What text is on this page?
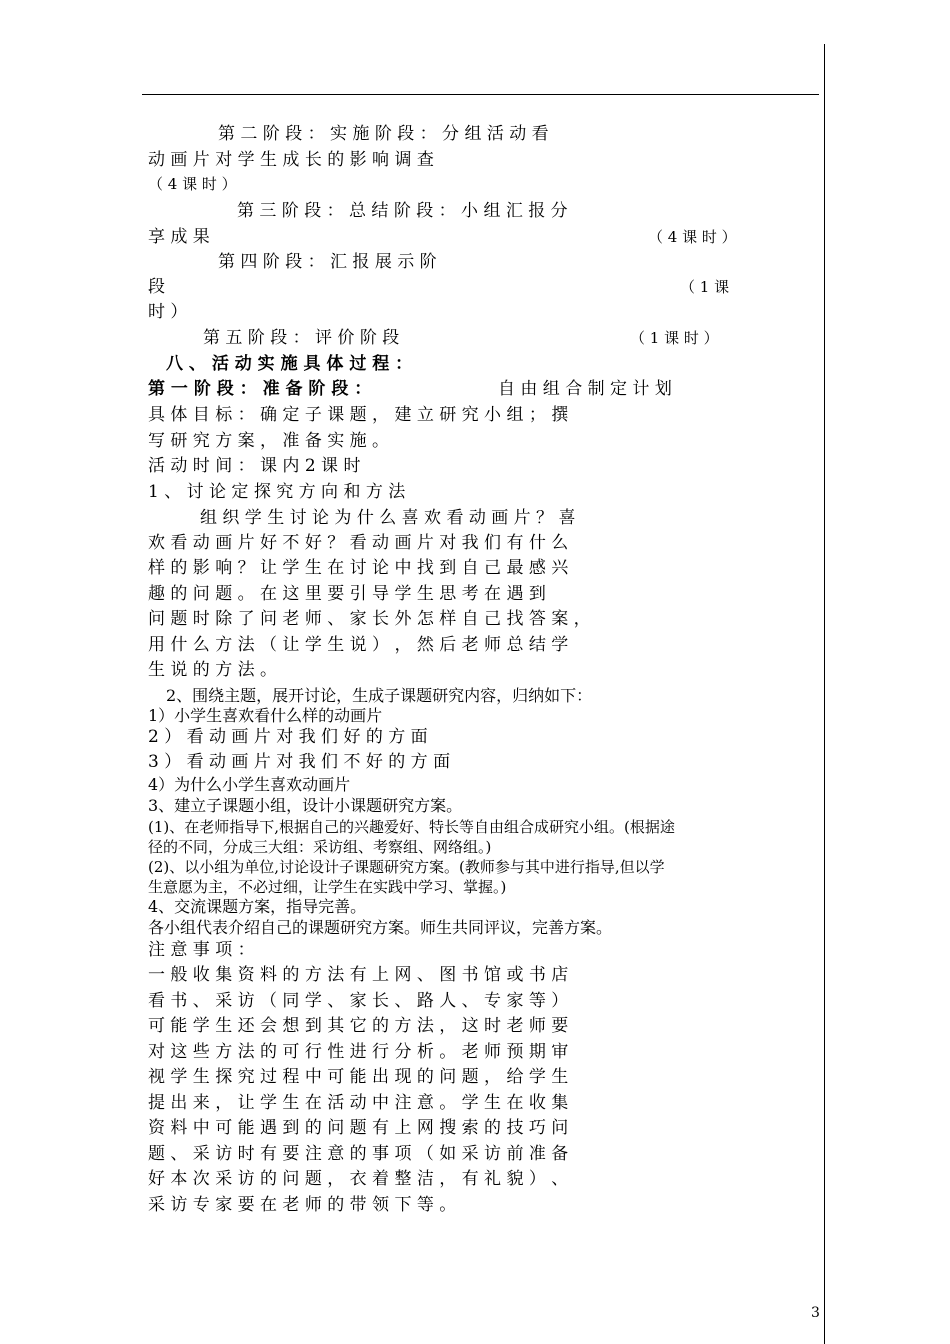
第 二 阶 段 ： 实 施 阶 段 ： 分 组 活 动 看
动 画 片 对 学 生 成 长 的 影 响 调 查
（ 4 课 时 ）
第 三 阶 段 ： 总 结 阶 段 ： 小 组 汇 报 分
享 成 果	（ 4 课 时 ）
第 四 阶 段 ： 汇 报 展 示 阶
段	（ 1 课
时 ）
第 五 阶 段 ： 评 价 阶 段	（ 1 课 时 ）
八 、 活 动 实 施 具 体 过 程 ：
第 一 阶 段 ： 准 备 阶 段 ：	自 由 组 合 制 定 计 划
具 体 目 标 ： 确 定 子 课 题 ， 建 立 研 究 小 组 ； 撰
写 研 究 方 案 ， 准 备 实 施 。
活 动 时 间 ： 课 内 2 课 时
1 、 讨 论 定 探 究 方 向 和 方 法
组 织 学 生 讨 论 为 什 么 喜 欢 看 动 画 片 ？ 喜
欢 看 动 画 片 好 不 好 ？ 看 动 画 片 对 我 们 有 什 么
样 的 影 响 ？ 让 学 生 在 讨 论 中 找 到 自 己 最 感 兴
趣 的 问 题 。 在 这 里 要 引 导 学 生 思 考 在 遇 到
问 题 时 除 了 问 老 师 、 家 长 外 怎 样 自 己 找 答 案 ，
用 什 么 方 法 （ 让 学 生 说 ） ， 然 后 老 师 总 结 学
生 说 的 方 法 。
2、围绕主题，展开讨论，生成子课题研究内容，归纳如下：
1）小学生喜欢看什么样的动画片
2 ） 看 动 画 片 对 我 们 好 的 方 面
3 ） 看 动 画 片 对 我 们 不 好 的 方 面
4）为什么小学生喜欢动画片
3、建立子课题小组，设计小课题研究方案。
(1)、在老师指导下,根据自己的兴趣爱好、特长等自由组合成研究小组。(根据途
径的不同，分成三大组：采访组、考察组、网络组。)
(2)、以小组为单位,讨论设计子课题研究方案。(教师参与其中进行指导,但以学
生意愿为主，不必过细，让学生在实践中学习、掌握。)
4、交流课题方案，指导完善。
各小组代表介绍自己的课题研究方案。师生共同评议，完善方案。
注 意 事 项 ：
一 般 收 集 资 料 的 方 法 有 上 网 、 图 书 馆 或 书 店
看 书 、 采 访 （ 同 学 、 家 长 、 路 人 、 专 家 等 ）
可 能 学 生 还 会 想 到 其 它 的 方 法 ， 这 时 老 师 要
对 这 些 方 法 的 可 行 性 进 行 分 析 。 老 师 预 期 审
视 学 生 探 究 过 程 中 可 能 出 现 的 问 题 ， 给 学 生
提 出 来 ， 让 学 生 在 活 动 中 注 意 。 学 生 在 收 集
资 料 中 可 能 遇 到 的 问 题 有 上 网 搜 索 的 技 巧 问
题 、 采 访 时 有 要 注 意 的 事 项 （ 如 采 访 前 准 备
好 本 次 采 访 的 问 题 ， 衣 着 整 洁 ， 有 礼 貌 ） 、
采 访 专 家 要 在 老 师 的 带 领 下 等 。
3
